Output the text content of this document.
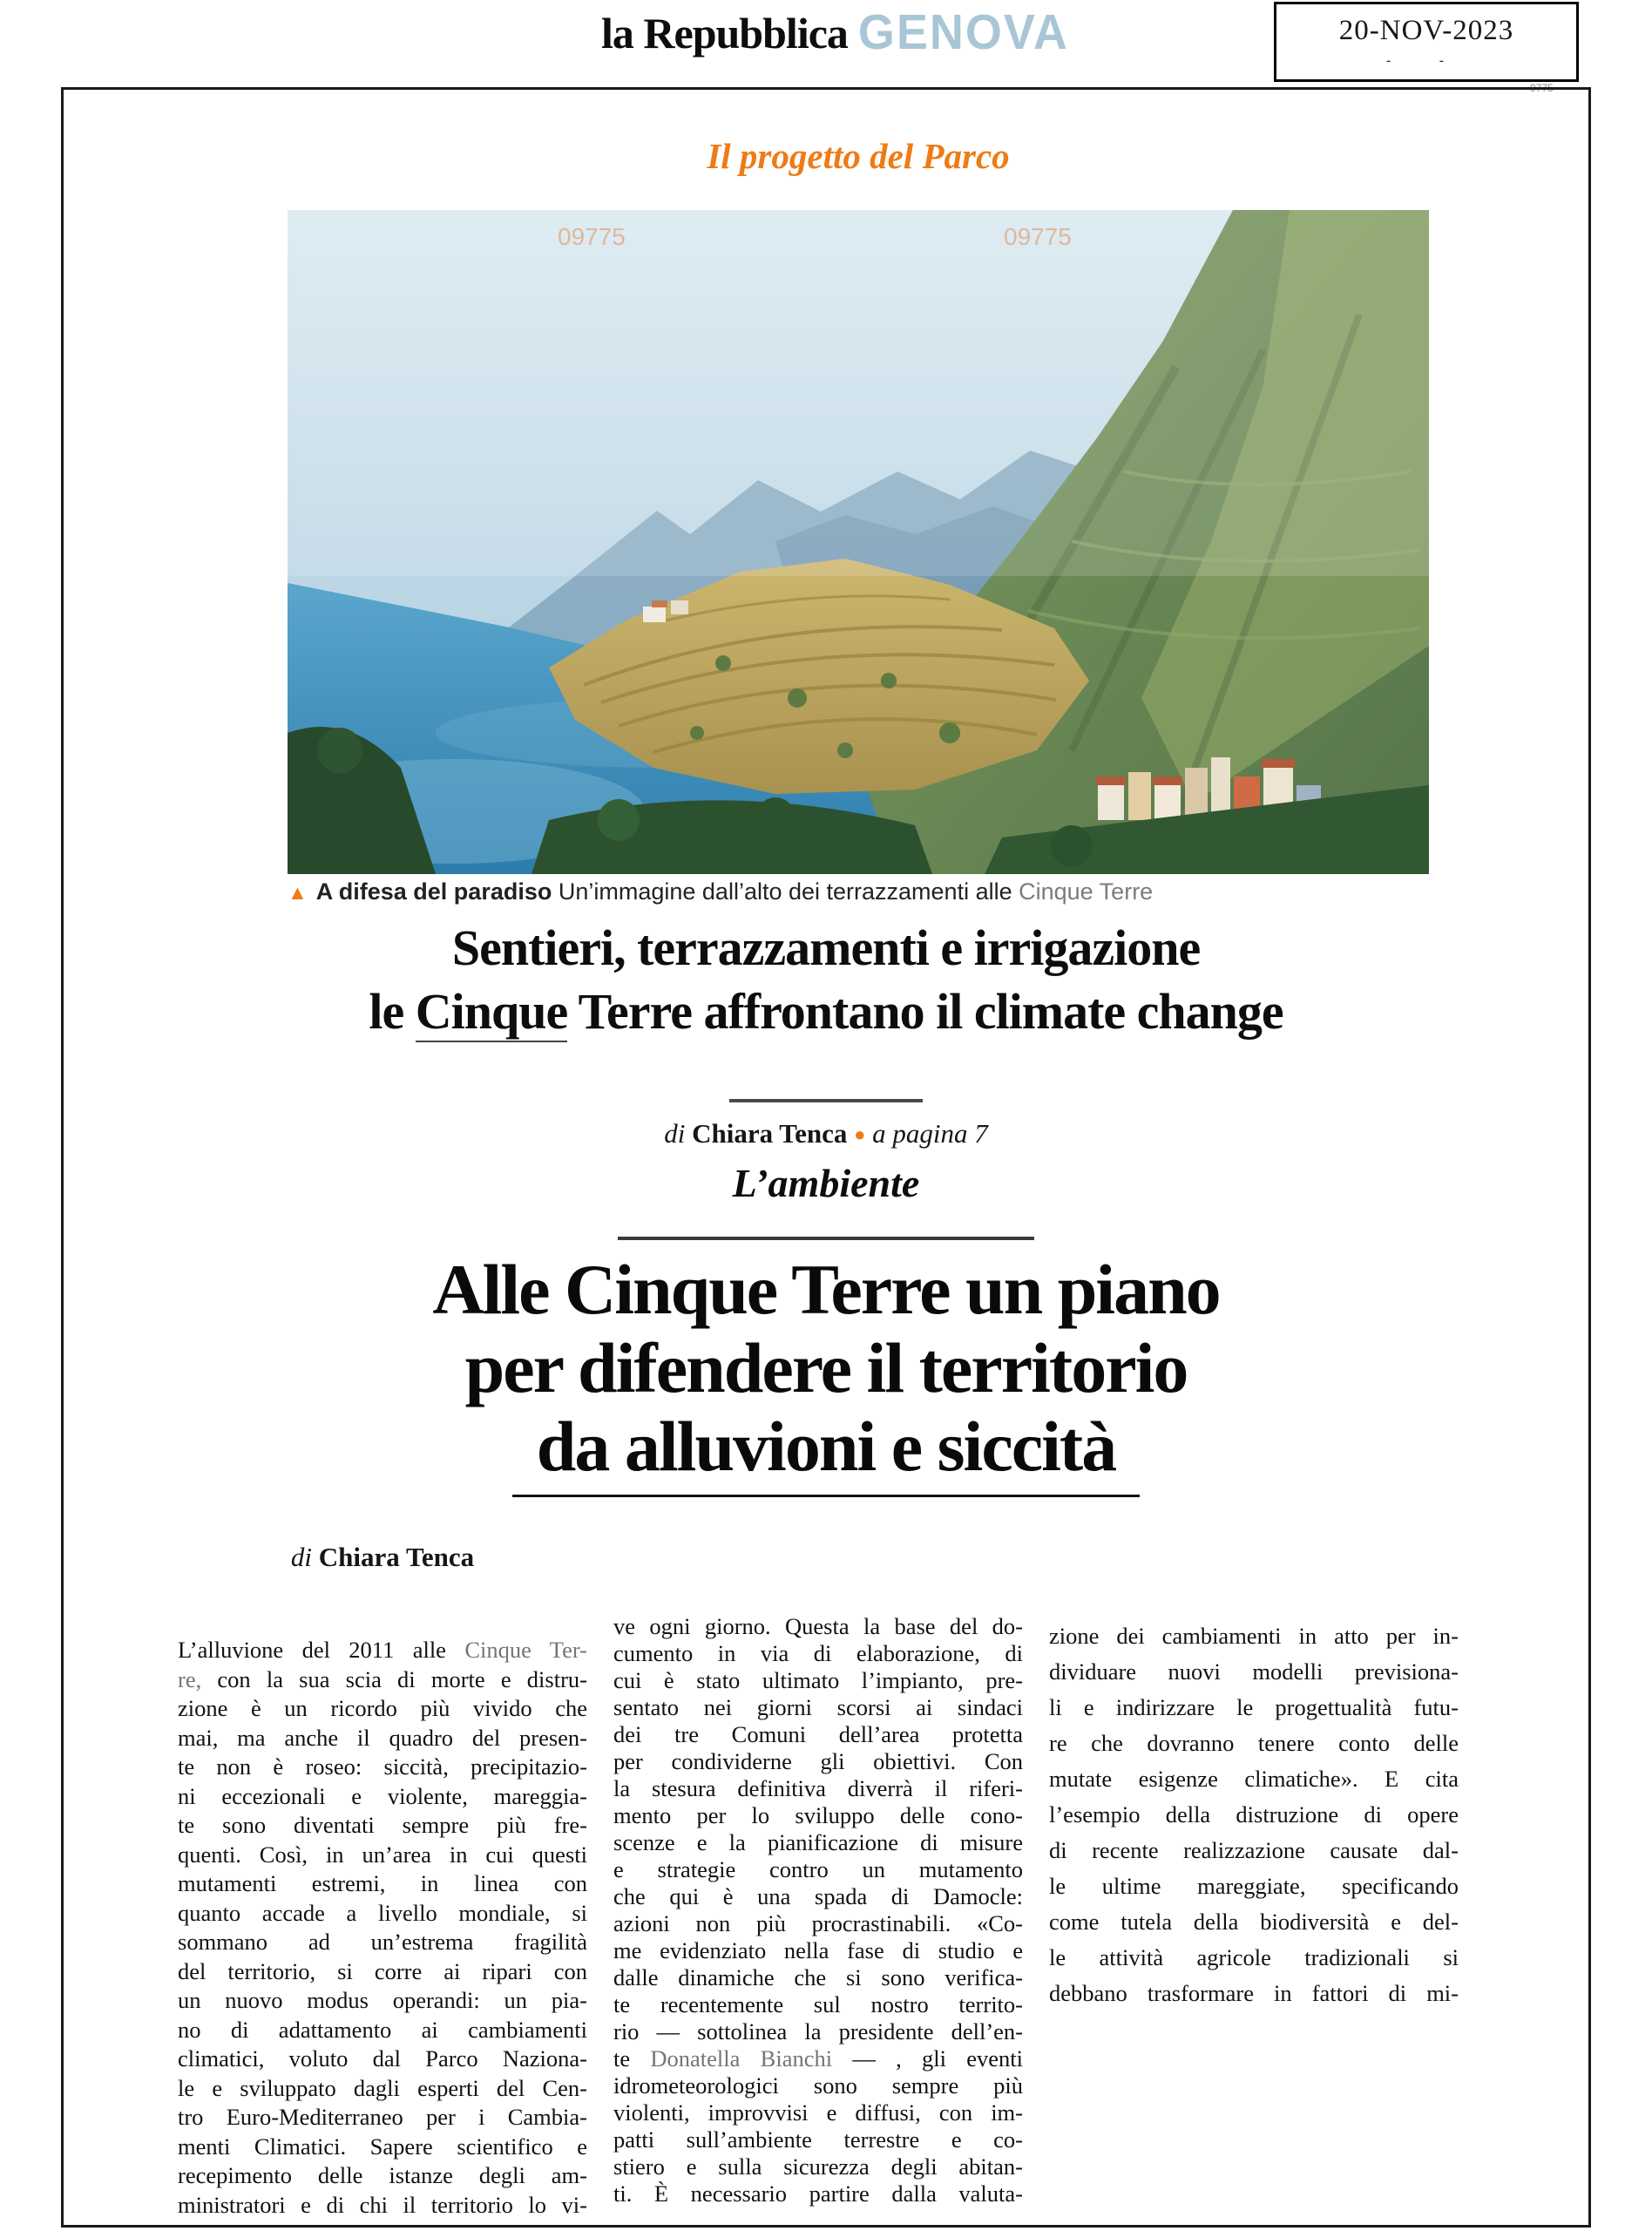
la Repubblica GENOVA	20-NOV-2023
- -
9775
Il progetto del Parco
09775	09775
▲ A difesa del paradiso Un’immagine dall’alto dei terrazzamenti alle Cinque Terre
Sentieri, terrazzamenti e irrigazione
le Cinque Terre affrontano il climate change
di Chiara Tenca ● a pagina 7
L’ambiente
Alle Cinque Terre un piano
per difendere il territorio
da alluvioni e siccità
di Chiara Tenca
L’alluvione del 2011 alle Cinque Ter-
re, con la sua scia di morte e distru-
zione è un ricordo più vivido che
mai, ma anche il quadro del presen-
te non è roseo: siccità, precipitazio-
ni eccezionali e violente, mareggia-
te sono diventati sempre più fre-
quenti. Così, in un’area in cui questi
mutamenti estremi, in linea con
quanto accade a livello mondiale, si
sommano ad un’estrema fragilità
del territorio, si corre ai ripari con
un nuovo modus operandi: un pia-
no di adattamento ai cambiamenti
climatici, voluto dal Parco Naziona-
le e sviluppato dagli esperti del Cen-
tro Euro-Mediterraneo per i Cambia-
menti Climatici. Sapere scientifico e
recepimento delle istanze degli am-
ministratori e di chi il territorio lo vi-
ve ogni giorno. Questa la base del do-
cumento in via di elaborazione, di
cui è stato ultimato l’impianto, pre-
sentato nei giorni scorsi ai sindaci
dei tre Comuni dell’area protetta
per condividerne gli obiettivi. Con
la stesura definitiva diverrà il riferi-
mento per lo sviluppo delle cono-
scenze e la pianificazione di misure
e strategie contro un mutamento
che qui è una spada di Damocle:
azioni non più procrastinabili. «Co-
me evidenziato nella fase di studio e
dalle dinamiche che si sono verifica-
te recentemente sul nostro territo-
rio — sottolinea la presidente dell’en-
te Donatella Bianchi — , gli eventi
idrometeorologici sono sempre più
violenti, improvvisi e diffusi, con im-
patti sull’ambiente terrestre e co-
stiero e sulla sicurezza degli abitan-
ti. È necessario partire dalla valuta-
zione dei cambiamenti in atto per in-
dividuare nuovi modelli previsiona-
li e indirizzare le progettualità futu-
re che dovranno tenere conto delle
mutate esigenze climatiche». E cita
l’esempio della distruzione di opere
di recente realizzazione causate dal-
le ultime mareggiate, specificando
come tutela della biodiversità e del-
le attività agricole tradizionali si
debbano trasformare in fattori di mi-
